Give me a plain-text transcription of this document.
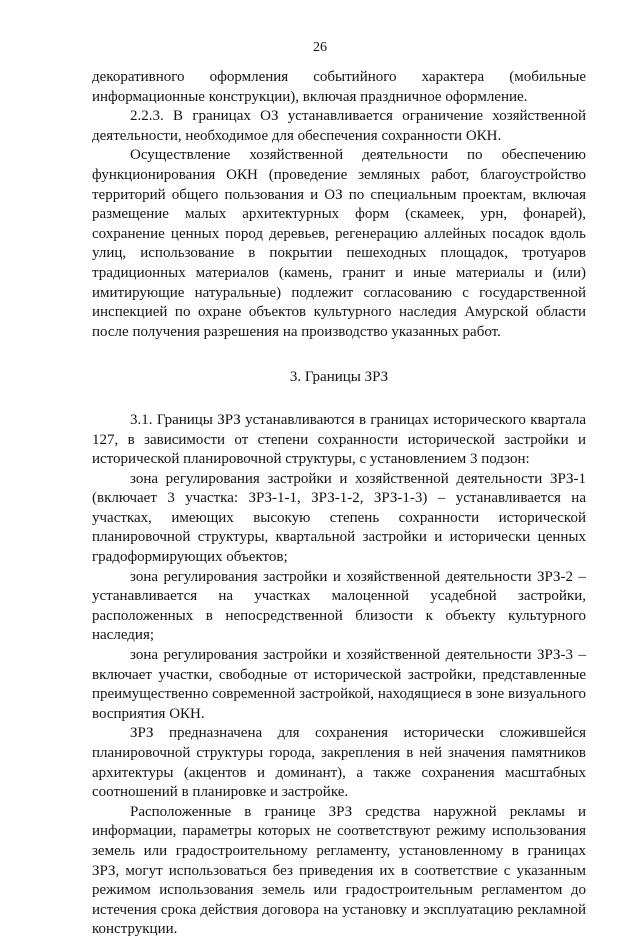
26

декоративного оформления событийного характера (мобильные информационные конструкции), включая праздничное оформление.

2.2.3. В границах ОЗ устанавливается ограничение хозяйственной деятельности, необходимое для обеспечения сохранности ОКН.

Осуществление хозяйственной деятельности по обеспечению функционирования ОКН (проведение земляных работ, благоустройство территорий общего пользования и ОЗ по специальным проектам, включая размещение малых архитектурных форм (скамеек, урн, фонарей), сохранение ценных пород деревьев, регенерацию аллейных посадок вдоль улиц, использование в покрытии пешеходных площадок, тротуаров традиционных материалов (камень, гранит и иные материалы и (или) имитирующие натуральные) подлежит согласованию с государственной инспекцией по охране объектов культурного наследия Амурской области после получения разрешения на производство указанных работ.

3. Границы ЗРЗ

3.1. Границы ЗРЗ устанавливаются в границах исторического квартала 127, в зависимости от степени сохранности исторической застройки и исторической планировочной структуры, с установлением 3 подзон:

зона регулирования застройки и хозяйственной деятельности ЗРЗ-1 (включает 3 участка: ЗРЗ-1-1, ЗРЗ-1-2, ЗРЗ-1-3) – устанавливается на участках, имеющих высокую степень сохранности исторической планировочной структуры, квартальной застройки и исторически ценных градоформирующих объектов;

зона регулирования застройки и хозяйственной деятельности ЗРЗ-2 – устанавливается на участках малоценной усадебной застройки, расположенных в непосредственной близости к объекту культурного наследия;

зона регулирования застройки и хозяйственной деятельности ЗРЗ-3 – включает участки, свободные от исторической застройки, представленные преимущественно современной застройкой, находящиеся в зоне визуального восприятия ОКН.

ЗРЗ предназначена для сохранения исторически сложившейся планировочной структуры города, закрепления в ней значения памятников архитектуры (акцентов и доминант), а также сохранения масштабных соотношений в планировке и застройке.

Расположенные в границе ЗРЗ средства наружной рекламы и информации, параметры которых не соответствуют режиму использования земель или градостроительному регламенту, установленному в границах ЗРЗ, могут использоваться без приведения их в соответствие с указанным режимом использования земель или градостроительным регламентом до истечения срока действия договора на установку и эксплуатацию рекламной конструкции.
